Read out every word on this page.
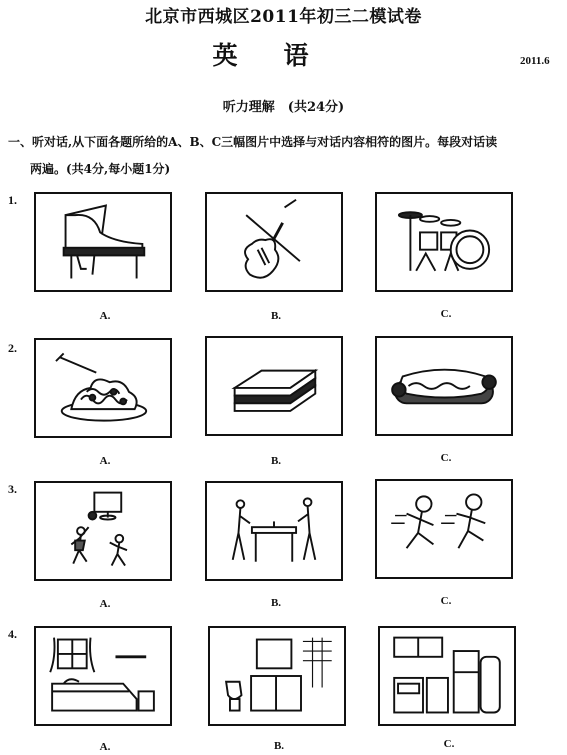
北京市西城区2011年初三二模试卷
英语	2011.6
听力理解　(共24分)
一、听对话,从下面各题所给的A、B、C三幅图片中选择与对话内容相符的图片。每段对话读
两遍。(共4分,每小题1分)
1.
A.	B.	C.
2.
A.	B.	C.
3.
A.	B.	C.
4.
A.	B.	C.
